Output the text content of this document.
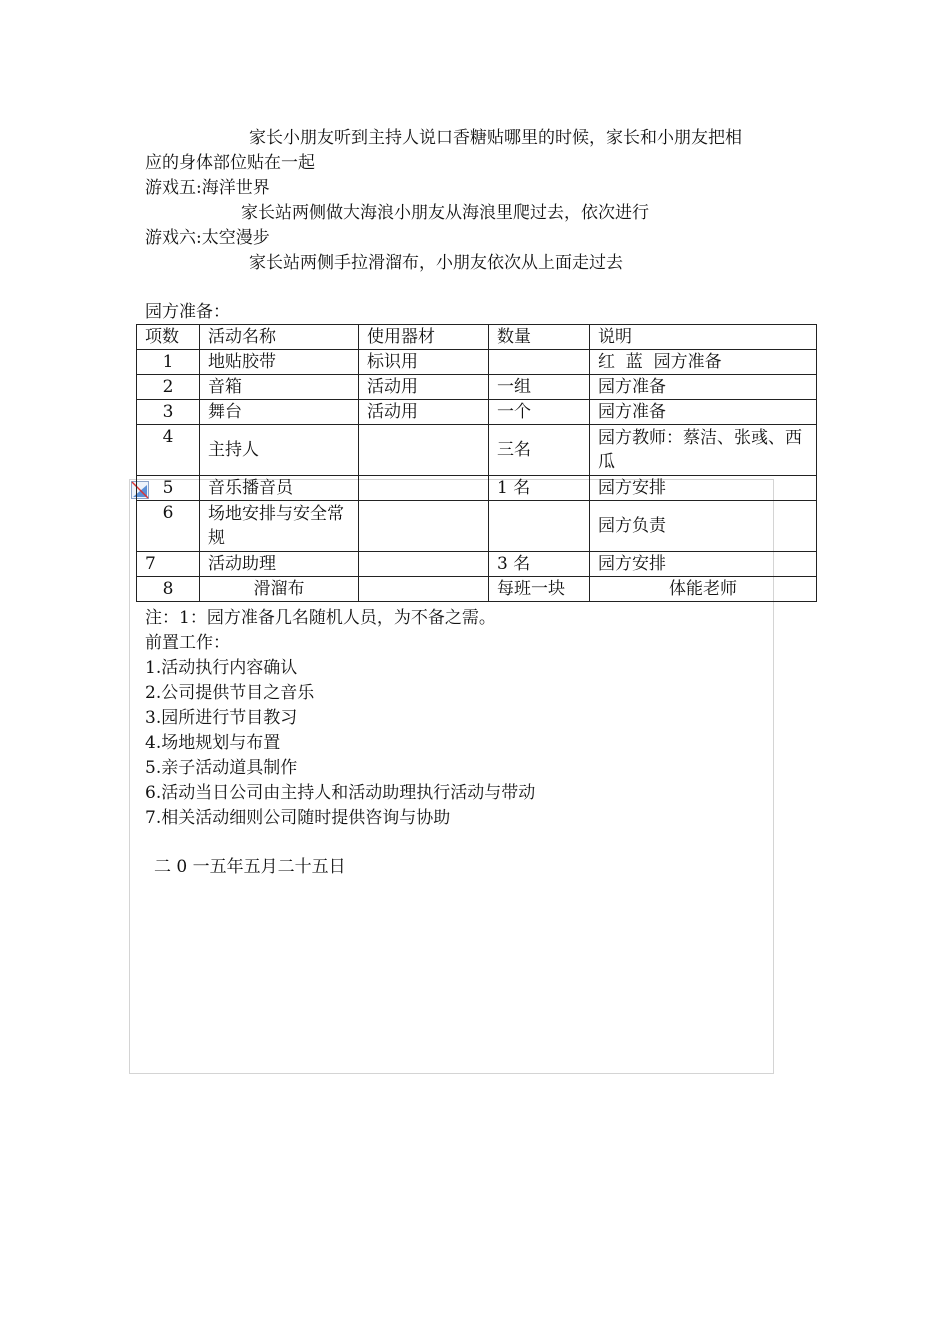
家长小朋友听到主持人说口香糖贴哪里的时候，家长和小朋友把相
应的身体部位贴在一起
游戏五:海洋世界
家长站两侧做大海浪小朋友从海浪里爬过去，依次进行
游戏六:太空漫步
家长站两侧手拉滑溜布，小朋友依次从上面走过去
园方准备：
项数	活动名称	使用器材	数量	说明
1	地贴胶带	标识用		红  蓝  园方准备
2	音箱	活动用	一组	园方准备
3	舞台	活动用	一个	园方准备
4	主持人		三名	园方教师：蔡洁、张彧、西瓜
5	音乐播音员		1 名	园方安排
6	场地安排与安全常规			园方负责
7	活动助理		3 名	园方安排
8	滑溜布		每班一块	体能老师
注：1：园方准备几名随机人员，为不备之需。
前置工作：
1.活动执行内容确认
2.公司提供节目之音乐
3.园所进行节目教习
4.场地规划与布置
5.亲子活动道具制作
6.活动当日公司由主持人和活动助理执行活动与带动
7.相关活动细则公司随时提供咨询与协助
二 0 一五年五月二十五日
